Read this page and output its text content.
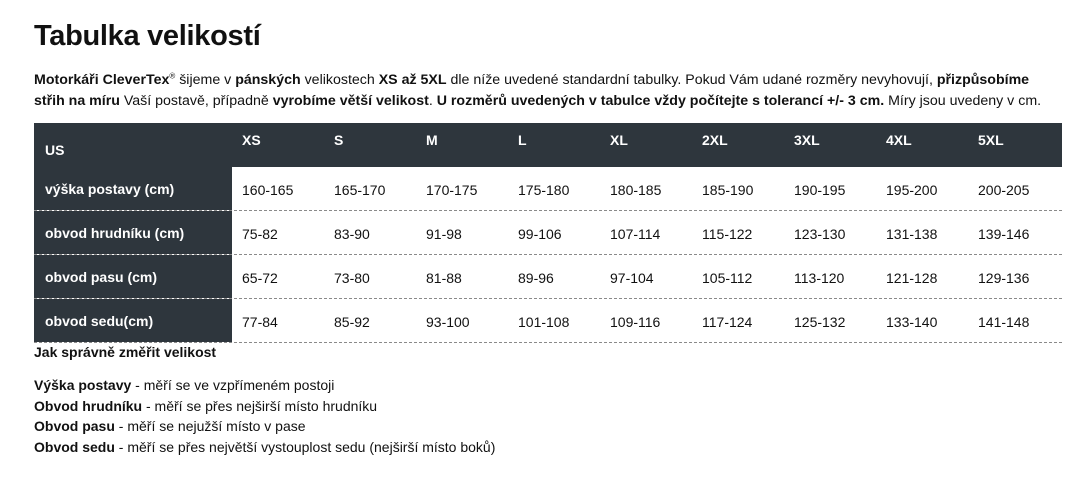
Tabulka velikostí

Motorkáři CleverTex® šijeme v pánských velikostech XS až 5XL dle níže uvedené standardní tabulky. Pokud Vám udané rozměry nevyhovují, přizpůsobíme střih na míru Vaší postavě, případně vyrobíme větší velikost. U rozměrů uvedených v tabulce vždy počítejte s tolerancí +/- 3 cm. Míry jsou uvedeny v cm.

US
XS	S	M	L	XL	2XL	3XL	4XL	5XL
výška postavy (cm)	160-165	165-170	170-175	175-180	180-185	185-190	190-195	195-200	200-205
obvod hrudníku (cm)	75-82	83-90	91-98	99-106	107-114	115-122	123-130	131-138	139-146
obvod pasu (cm)	65-72	73-80	81-88	89-96	97-104	105-112	113-120	121-128	129-136
obvod sedu(cm)	77-84	85-92	93-100	101-108	109-116	117-124	125-132	133-140	141-148
Jak správně změřit velikost
Výška postavy - měří se ve vzpřímeném postoji
Obvod hrudníku - měří se přes nejširší místo hrudníku
Obvod pasu - měří se nejužší místo v pase
Obvod sedu - měří se přes největší vystouplost sedu (nejširší místo boků)
